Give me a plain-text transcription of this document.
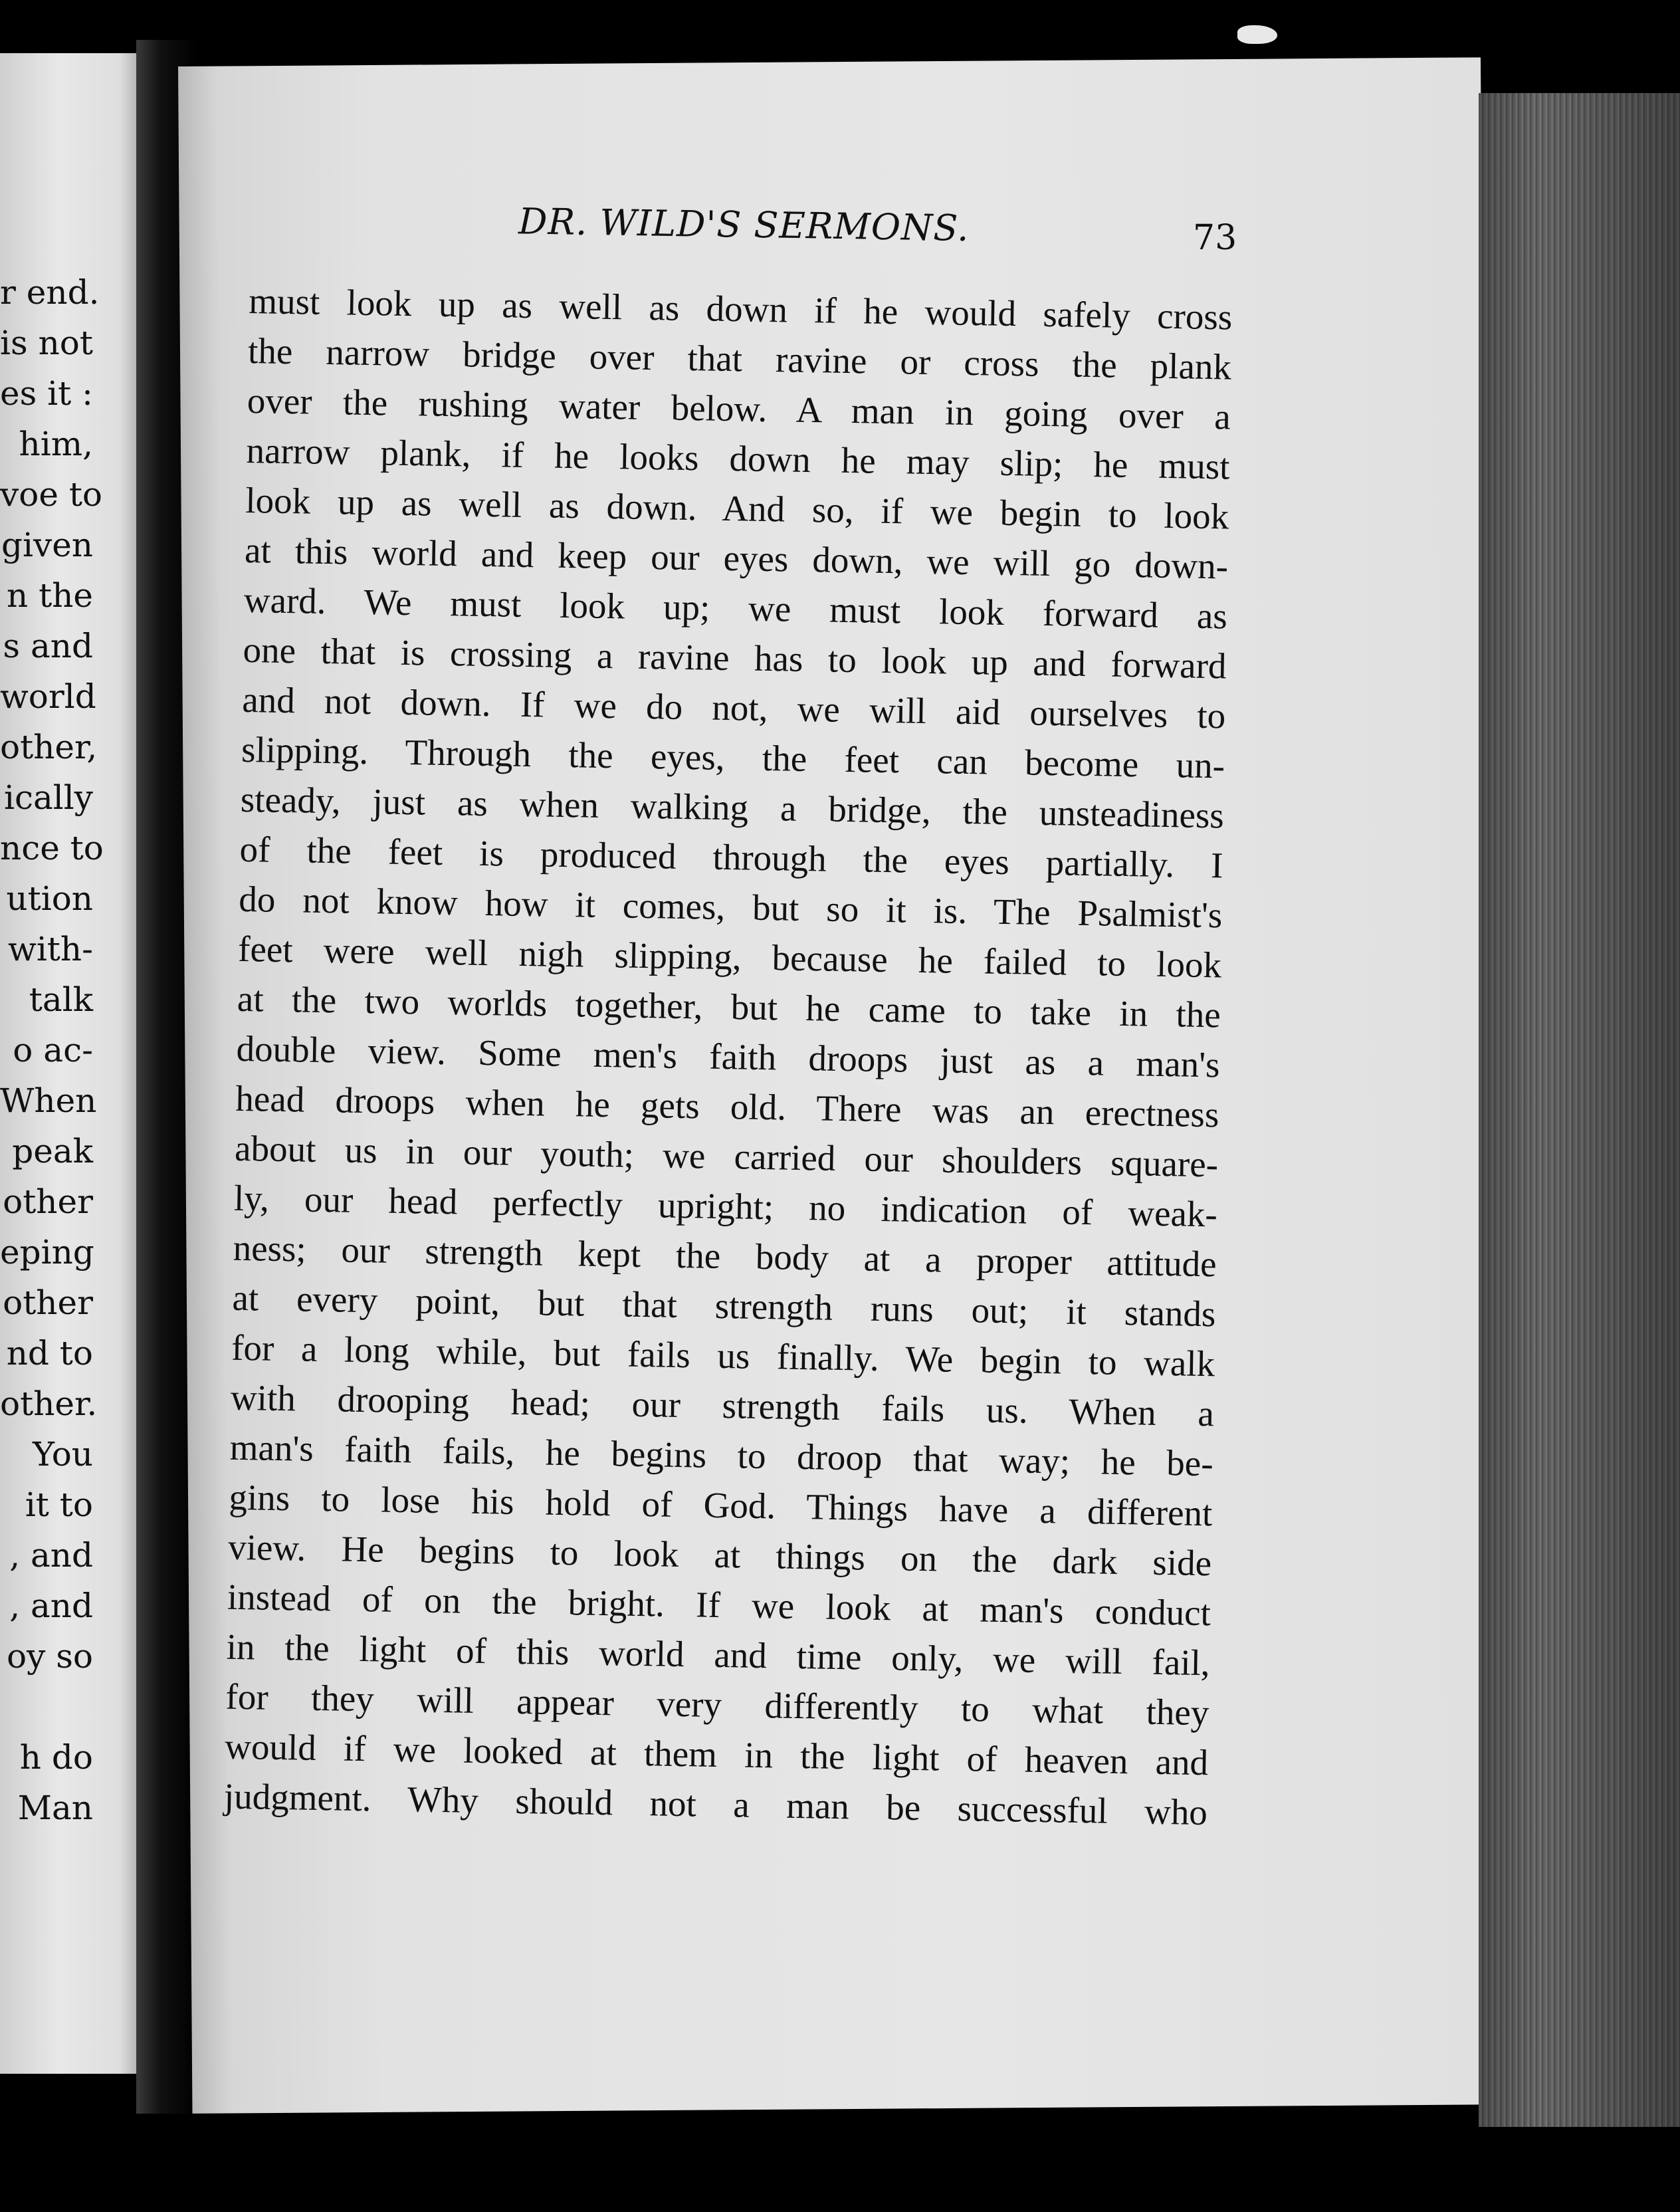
r end.
is not
es it :
him,
voe to
given
n the
s and
world
other,
ically
nce to
ution
with-
talk
o ac-
When
peak
other
eping
other
nd to
other.
You
it to
, and
, and
oy so
h do
Man
DR. WILD'S SERMONS.	73
must look up as well as down if he would safely cross
the narrow bridge over that ravine or cross the plank
over the rushing water below. A man in going over a
narrow plank, if he looks down he may slip; he must
look up as well as down. And so, if we begin to look
at this world and keep our eyes down, we will go down-
ward. We must look up; we must look forward as
one that is crossing a ravine has to look up and forward
and not down. If we do not, we will aid ourselves to
slipping. Through the eyes, the feet can become un-
steady, just as when walking a bridge, the unsteadiness
of the feet is produced through the eyes partially. I
do not know how it comes, but so it is. The Psalmist's
feet were well nigh slipping, because he failed to look
at the two worlds together, but he came to take in the
double view. Some men's faith droops just as a man's
head droops when he gets old. There was an erectness
about us in our youth; we carried our shoulders square-
ly, our head perfectly upright; no indication of weak-
ness; our strength kept the body at a proper attitude
at every point, but that strength runs out; it stands
for a long while, but fails us finally. We begin to walk
with drooping head; our strength fails us. When a
man's faith fails, he begins to droop that way; he be-
gins to lose his hold of God. Things have a different
view. He begins to look at things on the dark side
instead of on the bright. If we look at man's conduct
in the light of this world and time only, we will fail,
for they will appear very differently to what they
would if we looked at them in the light of heaven and
judgment. Why should not a man be successful who
